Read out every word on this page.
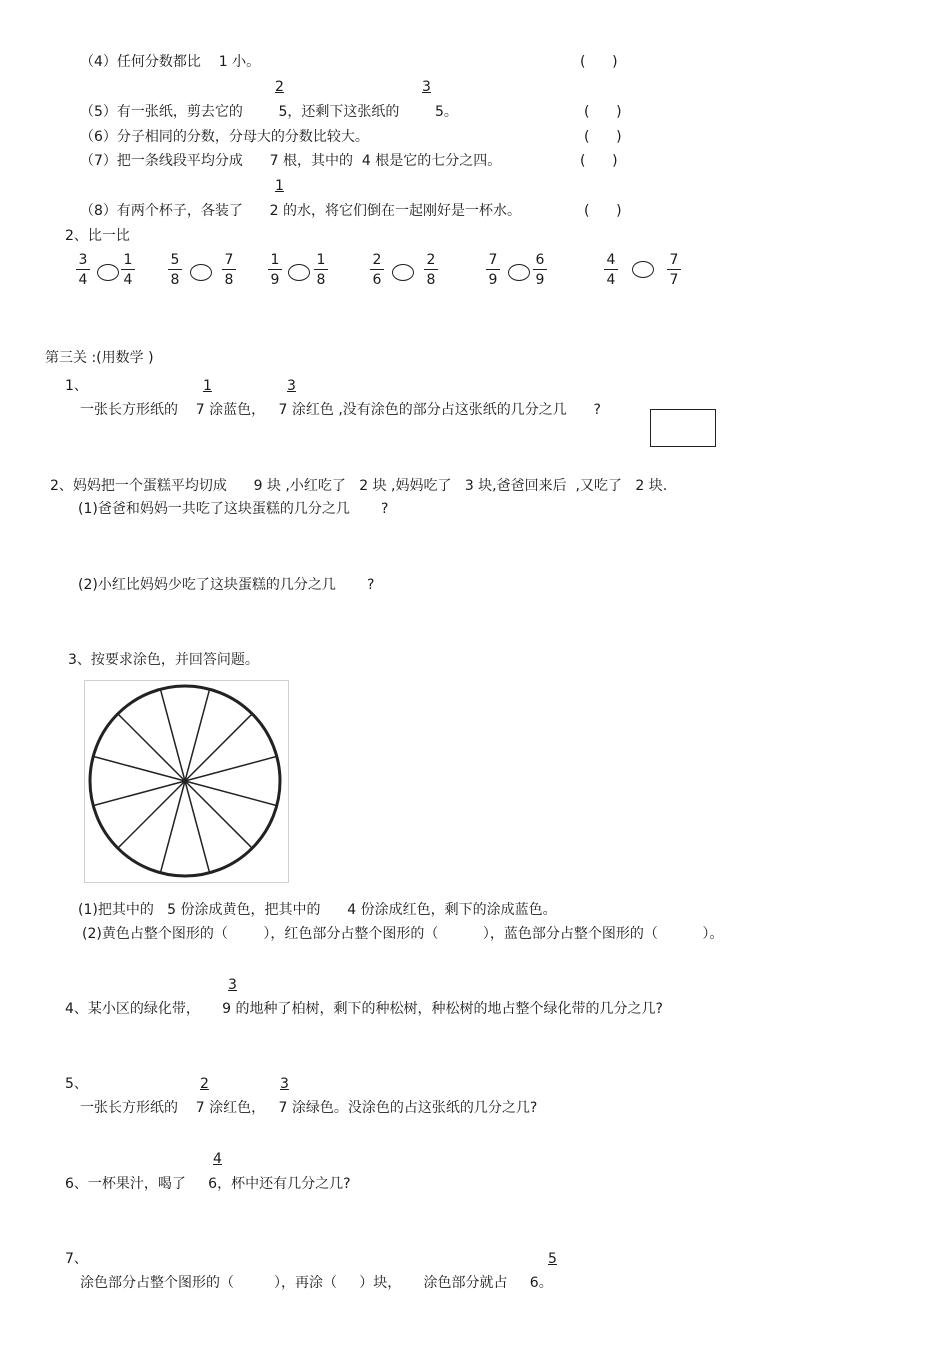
（4）任何分数都比    1 小。	(      )
2	3
（5）有一张纸，剪去它的        5，还剩下这张纸的        5。	(      )
（6）分子相同的分数，分母大的分数比较大。	(      )
（7）把一条线段平均分成      7 根，其中的  4 根是它的七分之四。	(      )
1
（8）有两个杯子，各装了      2 的水，将它们倒在一起刚好是一杯水。	(      )
2、比一比
$\frac{3}{4} \frac{1}{4} \frac{5}{8}$	$\frac{7}{8} \frac{1}{9} \frac{1}{8}$	$\frac{2}{6}$	$\frac{2}{8}$	$\frac{7}{9} \frac{6}{9}$	$\frac{4}{4}$	$\frac{7}{7}$
第三关 :(用数学 )
1、	1	3
一张长方形纸的    7 涂蓝色，   7 涂红色 ,没有涂色的部分占这张纸的几分之几      ?
2、妈妈把一个蛋糕平均切成      9 块 ,小红吃了   2 块 ,妈妈吃了   3 块,爸爸回来后  ,又吃了   2 块.
(1)爸爸和妈妈一共吃了这块蛋糕的几分之几       ?
(2)小红比妈妈少吃了这块蛋糕的几分之几       ?
3、按要求涂色，并回答问题。
(1)把其中的   5 份涂成黄色，把其中的      4 份涂成红色，剩下的涂成蓝色。
(2)黄色占整个图形的（        ），红色部分占整个图形的（          ），蓝色部分占整个图形的（          ）。
3
4、某小区的绿化带，     9 的地种了柏树，剩下的种松树，种松树的地占整个绿化带的几分之几?
5、	2	3
一张长方形纸的    7 涂红色，   7 涂绿色。没涂色的占这张纸的几分之几?
4
6、一杯果汁，喝了     6，杯中还有几分之几?
7、	5
涂色部分占整个图形的（         ），再涂（     ）块，     涂色部分就占     6。
